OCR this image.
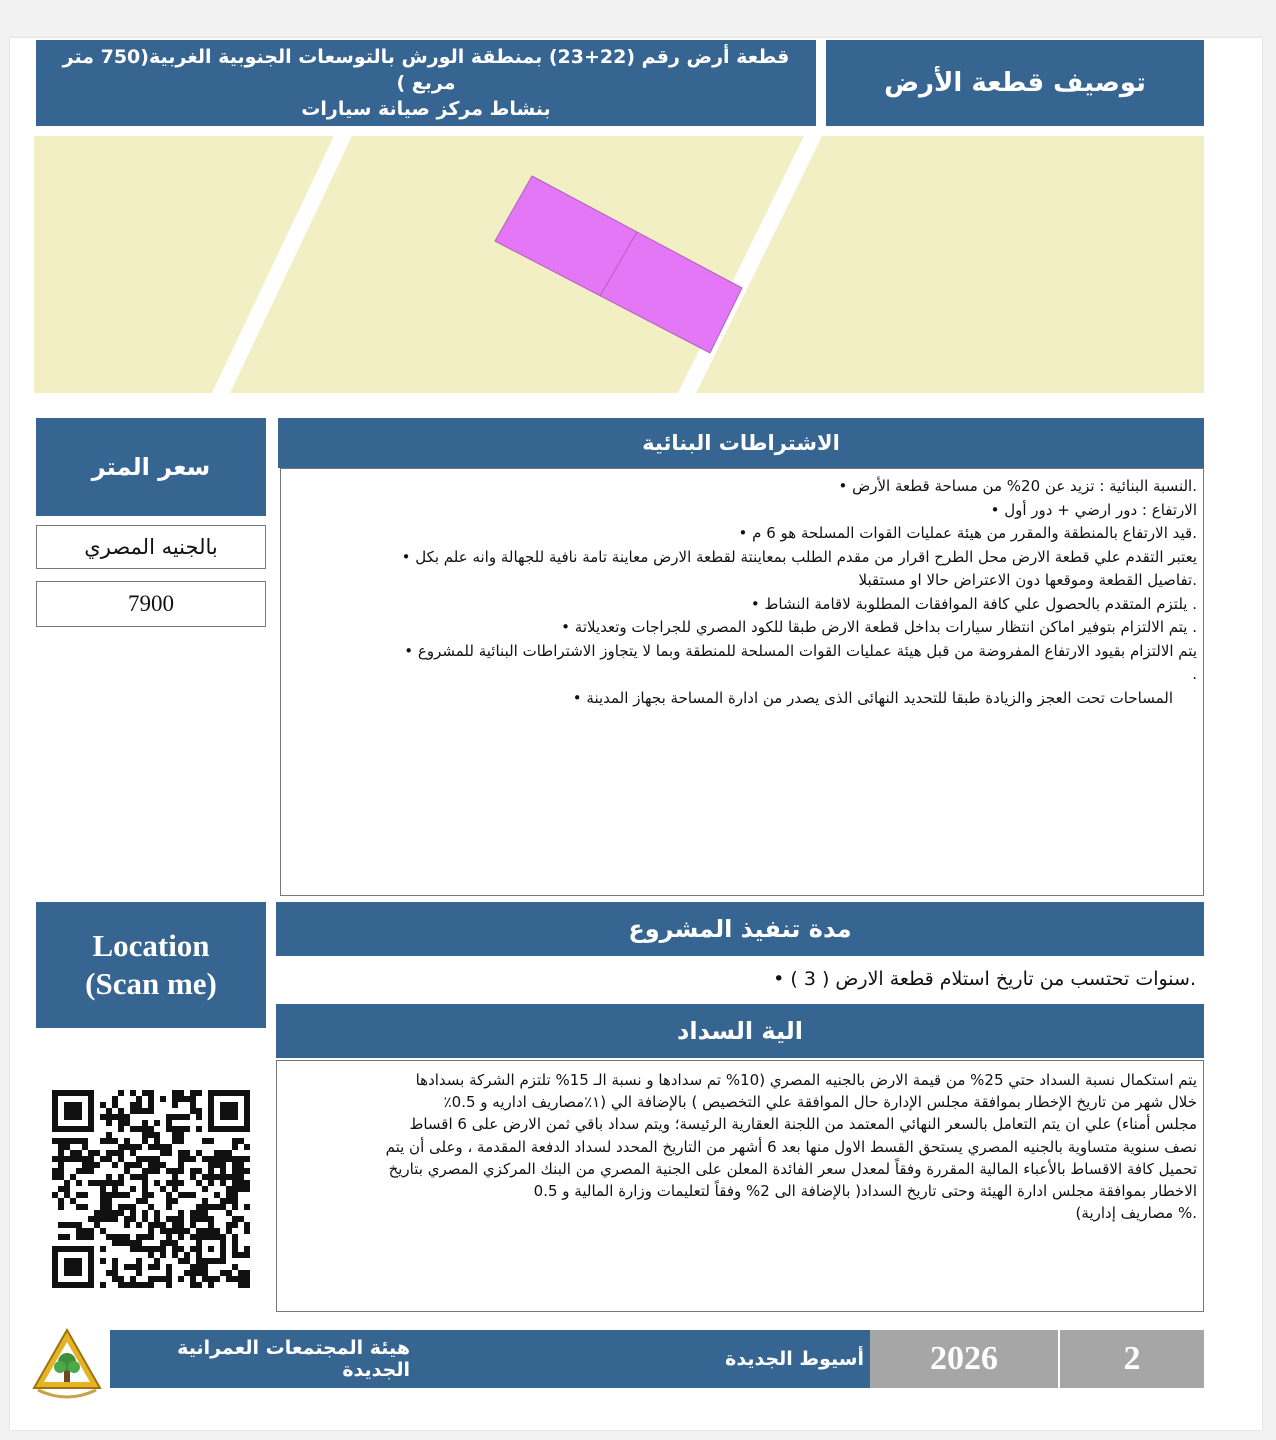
قطعة أرض رقم (22+23) بمنطقة الورش بالتوسعات الجنوبية الغربية(750 متر مربع )
بنشاط مركز صيانة سيارات
توصيف قطعة الأرض
سعر المتر
بالجنيه المصري
7900
الاشتراطات البنائية
.النسبة البنائية : تزيد عن 20% من مساحة قطعة الأرض •
الارتفاع : دور ارضي + دور أول •
.قيد الارتفاع بالمنطقة والمقرر من هيئة عمليات القوات المسلحة هو 6 م •
يعتبر التقدم علي قطعة الارض محل الطرح اقرار من مقدم الطلب بمعاينتة لقطعة الارض معاينة تامة نافية للجهالة وانه علم بكل •
.تفاصيل القطعة وموقعها دون الاعتراض حالا او مستقبلا
. يلتزم المتقدم بالحصول علي كافة الموافقات المطلوبة لاقامة النشاط •
. يتم الالتزام بتوفير اماكن انتظار سيارات بداخل قطعة الارض طبقا للكود المصري للجراجات وتعديلاتة •
يتم الالتزام بقيود الارتفاع المفروضة من قبل هيئة عمليات القوات المسلحة للمنطقة وبما لا يتجاوز الاشتراطات البنائية للمشروع •
.
المساحات تحت العجز والزيادة طبقا للتحديد النهائى الذى يصدر من ادارة المساحة بجهاز المدينة •
Location
(Scan me)
مدة تنفيذ المشروع
.سنوات تحتسب من تاريخ استلام قطعة الارض ( 3 ) •
الية السداد
يتم استكمال نسبة السداد حتي 25% من قيمة الارض بالجنيه المصري (10% تم سدادها و نسبة الـ 15% تلتزم الشركة بسدادها
خلال شهر من تاريخ الإخطار بموافقة مجلس الإدارة حال الموافقة علي التخصيص ) بالإضافة الي (١٪مصاريف اداريه و 0.5٪
مجلس أمناء) علي ان يتم التعامل بالسعر النهائي المعتمد من اللجنة العقارية الرئيسة؛ ويتم سداد باقي ثمن الارض على 6 اقساط
نصف سنوية متساوية بالجنيه المصري يستحق القسط الاول منها بعد 6 أشهر من التاريخ المحدد لسداد الدفعة المقدمة ، وعلى أن يتم
تحميل كافة الاقساط بالأعباء المالية المقررة وفقاً لمعدل سعر الفائدة المعلن على الجنية المصري من البنك المركزي المصري بتاريخ
الاخطار بموافقة مجلس ادارة الهيئة وحتى تاريخ السداد( بالإضافة الى 2% وفقاً لتعليمات وزارة المالية و 0.5
.% مصاريف إدارية)
هيئة المجتمعات العمرانية الجديدة	أسيوط الجديدة	2026	2
